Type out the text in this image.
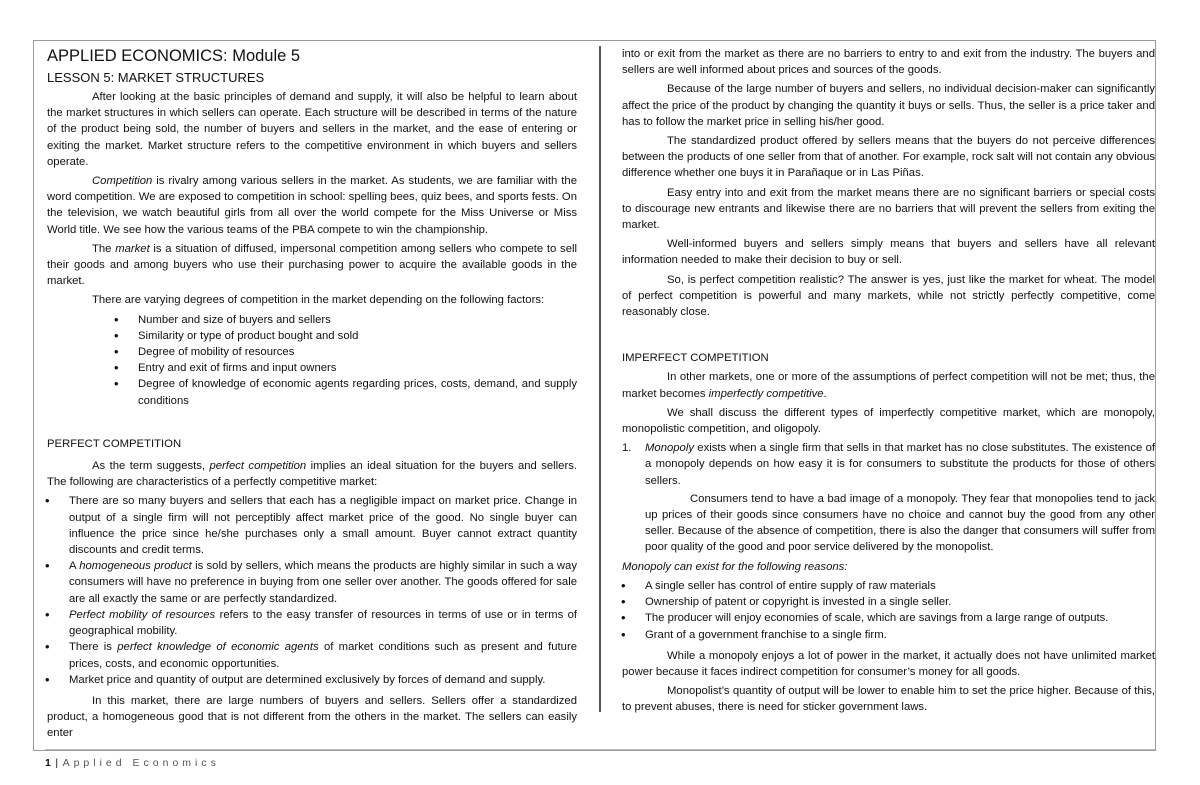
APPLIED ECONOMICS: Module 5

LESSON 5: MARKET STRUCTURES

After looking at the basic principles of demand and supply, it will also be helpful to learn about the market structures in which sellers can operate. Each structure will be described in terms of the nature of the product being sold, the number of buyers and sellers in the market, and the ease of entering or exiting the market. Market structure refers to the competitive environment in which buyers and sellers operate.

Competition is rivalry among various sellers in the market. As students, we are familiar with the word competition. We are exposed to competition in school: spelling bees, quiz bees, and sports fests. On the television, we watch beautiful girls from all over the world compete for the Miss Universe or Miss World title. We see how the various teams of the PBA compete to win the championship.

The market is a situation of diffused, impersonal competition among sellers who compete to sell their goods and among buyers who use their purchasing power to acquire the available goods in the market.

There are varying degrees of competition in the market depending on the following factors:

• Number and size of buyers and sellers
• Similarity or type of product bought and sold
• Degree of mobility of resources
• Entry and exit of firms and input owners
• Degree of knowledge of economic agents regarding prices, costs, demand, and supply conditions

PERFECT COMPETITION

As the term suggests, perfect competition implies an ideal situation for the buyers and sellers. The following are characteristics of a perfectly competitive market:

• There are so many buyers and sellers that each has a negligible impact on market price. Change in output of a single firm will not perceptibly affect market price of the good. No single buyer can influence the price since he/she purchases only a small amount. Buyer cannot extract quantity discounts and credit terms.
• A homogeneous product is sold by sellers, which means the products are highly similar in such a way consumers will have no preference in buying from one seller over another. The goods offered for sale are all exactly the same or are perfectly standardized.
• Perfect mobility of resources refers to the easy transfer of resources in terms of use or in terms of geographical mobility.
• There is perfect knowledge of economic agents of market conditions such as present and future prices, costs, and economic opportunities.
• Market price and quantity of output are determined exclusively by forces of demand and supply.

In this market, there are large numbers of buyers and sellers. Sellers offer a standardized product, a homogeneous good that is not different from the others in the market. The sellers can easily enter

into or exit from the market as there are no barriers to entry to and exit from the industry. The buyers and sellers are well informed about prices and sources of the goods.

Because of the large number of buyers and sellers, no individual decision-maker can significantly affect the price of the product by changing the quantity it buys or sells. Thus, the seller is a price taker and has to follow the market price in selling his/her good.

The standardized product offered by sellers means that the buyers do not perceive differences between the products of one seller from that of another. For example, rock salt will not contain any obvious difference whether one buys it in Parañaque or in Las Piñas.

Easy entry into and exit from the market means there are no significant barriers or special costs to discourage new entrants and likewise there are no barriers that will prevent the sellers from exiting the market.

Well-informed buyers and sellers simply means that buyers and sellers have all relevant information needed to make their decision to buy or sell.

So, is perfect competition realistic? The answer is yes, just like the market for wheat. The model of perfect competition is powerful and many markets, while not strictly perfectly competitive, come reasonably close.

IMPERFECT COMPETITION

In other markets, one or more of the assumptions of perfect competition will not be met; thus, the market becomes imperfectly competitive.

We shall discuss the different types of imperfectly competitive market, which are monopoly, monopolistic competition, and oligopoly.

1. Monopoly exists when a single firm that sells in that market has no close substitutes. The existence of a monopoly depends on how easy it is for consumers to substitute the products for those of others sellers.

Consumers tend to have a bad image of a monopoly. They fear that monopolies tend to jack up prices of their goods since consumers have no choice and cannot buy the good from any other seller. Because of the absence of competition, there is also the danger that consumers will suffer from poor quality of the good and poor service delivered by the monopolist.

Monopoly can exist for the following reasons:

• A single seller has control of entire supply of raw materials
• Ownership of patent or copyright is invested in a single seller.
• The producer will enjoy economies of scale, which are savings from a large range of outputs.
• Grant of a government franchise to a single firm.

While a monopoly enjoys a lot of power in the market, it actually does not have unlimited market power because it faces indirect competition for consumer’s money for all goods.

Monopolist’s quantity of output will be lower to enable him to set the price higher. Because of this, to prevent abuses, there is need for sticker government laws.

1 | Applied Economics
